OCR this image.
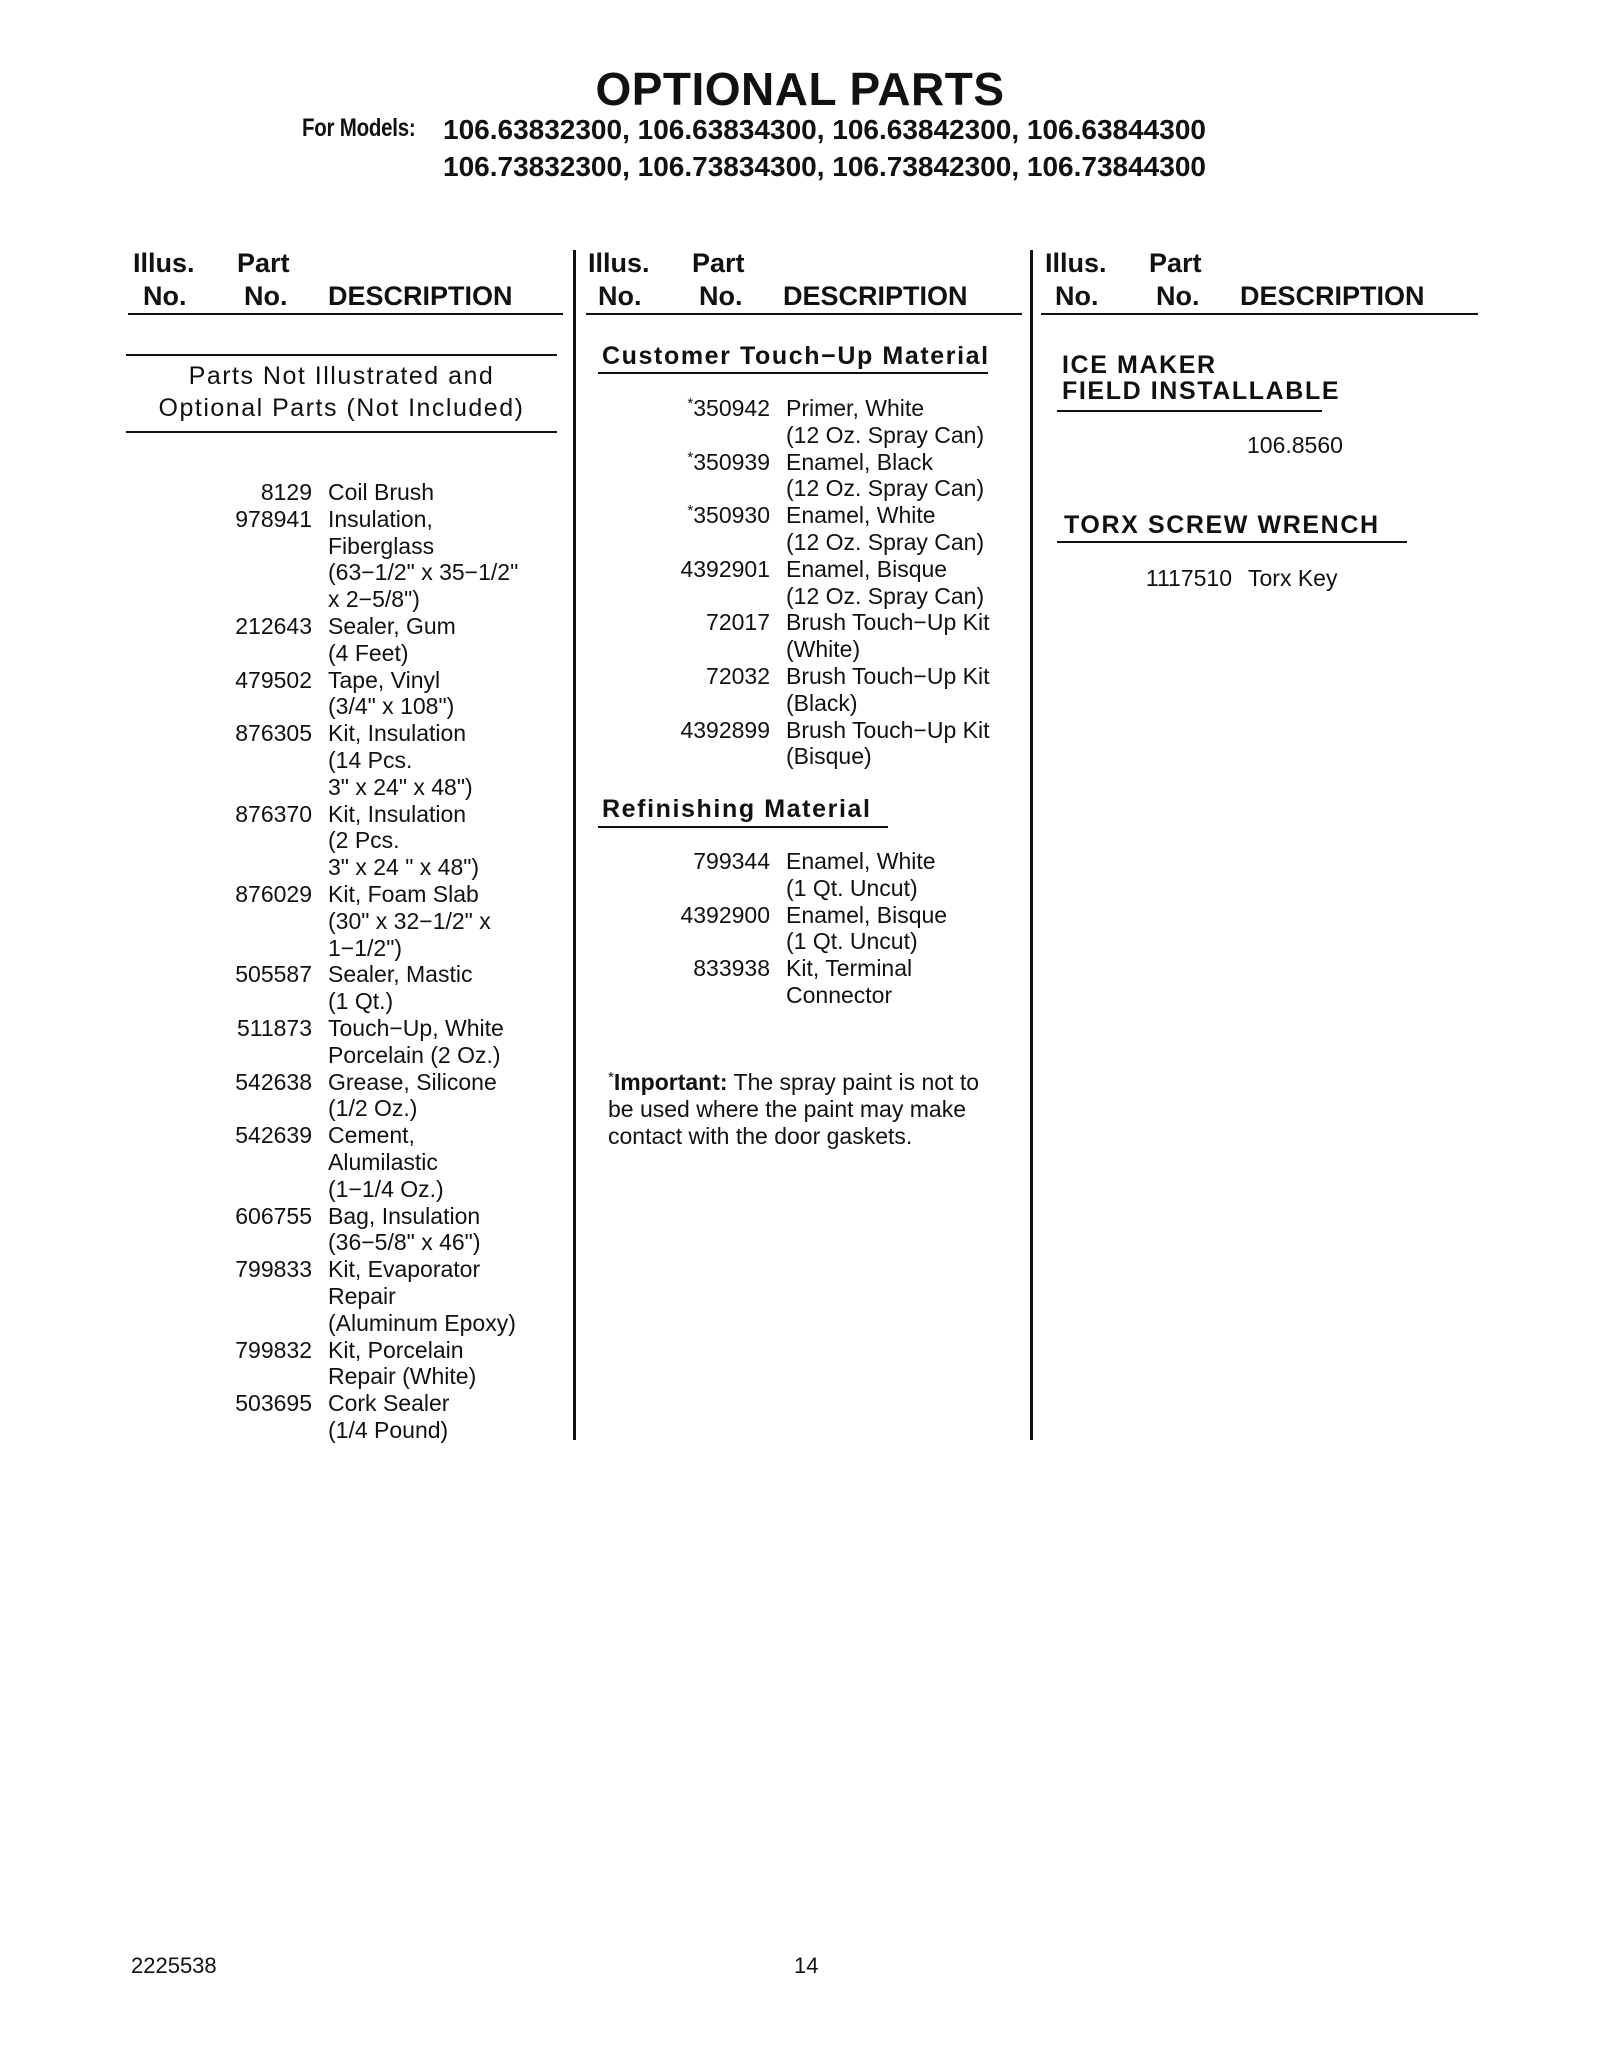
OPTIONAL PARTS
For Models: 106.63832300, 106.63834300, 106.63842300, 106.63844300
106.73832300, 106.73834300, 106.73842300, 106.73844300
Illus.
No.
Part
No. DESCRIPTION
Illus.
No.
Part
No. DESCRIPTION
Illus.
No.
Part
No. DESCRIPTION
Parts Not Illustrated and
Optional Parts (Not Included)
8129 Coil Brush
978941 Insulation,
Fiberglass
(63−1/2" x 35−1/2"
x 2−5/8")
212643 Sealer, Gum
(4 Feet)
479502 Tape, Vinyl
(3/4" x 108")
876305 Kit, Insulation
(14 Pcs.
3" x 24" x 48")
876370 Kit, Insulation
(2 Pcs.
3" x 24 " x 48")
876029 Kit, Foam Slab
(30" x 32−1/2" x
1−1/2")
505587 Sealer, Mastic
(1 Qt.)
511873 Touch−Up, White
Porcelain (2 Oz.)
542638 Grease, Silicone
(1/2 Oz.)
542639 Cement,
Alumilastic
(1−1/4 Oz.)
606755 Bag, Insulation
(36−5/8" x 46")
799833 Kit, Evaporator
Repair
(Aluminum Epoxy)
799832 Kit, Porcelain
Repair (White)
503695 Cork Sealer
(1/4 Pound)
Customer Touch−Up Material
*350942 Primer, White
(12 Oz. Spray Can)
*350939 Enamel, Black
(12 Oz. Spray Can)
*350930 Enamel, White
(12 Oz. Spray Can)
4392901 Enamel, Bisque
(12 Oz. Spray Can)
72017 Brush Touch−Up Kit
(White)
72032 Brush Touch−Up Kit
(Black)
4392899 Brush Touch−Up Kit
(Bisque)
Refinishing Material
799344 Enamel, White
(1 Qt. Uncut)
4392900 Enamel, Bisque
(1 Qt. Uncut)
833938 Kit, Terminal
Connector
*Important: The spray paint is not to be used where the paint may make contact with the door gaskets.
ICE MAKER
FIELD INSTALLABLE
106.8560
TORX SCREW WRENCH
1117510 Torx Key
2225538	14
